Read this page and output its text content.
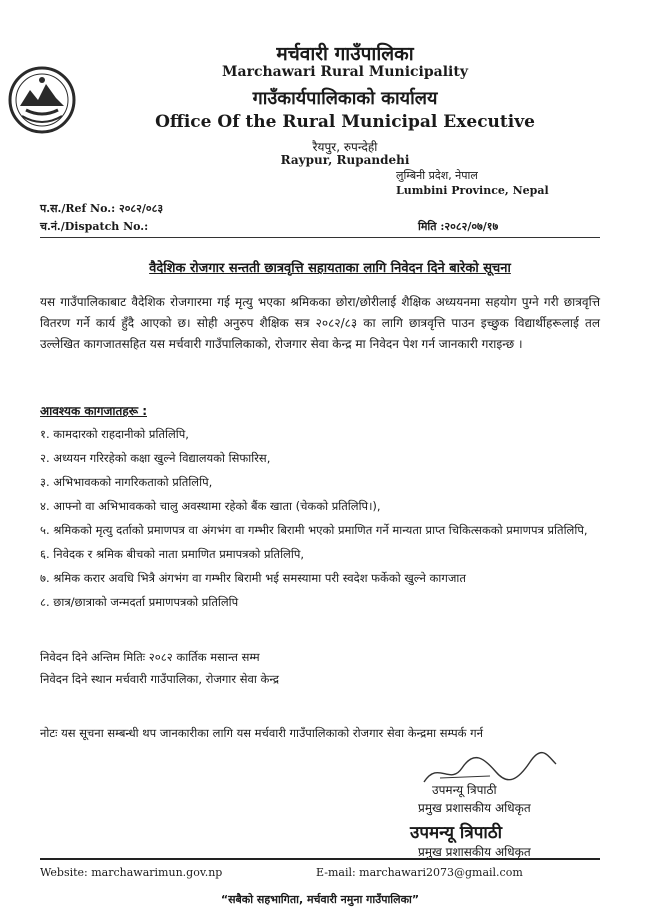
मर्चवारी गाउँपालिका
Marchawari Rural Municipality
गाउँकार्यपालिकाको कार्यालय
Office Of the Rural Municipal Executive
रैयपुर, रुपन्देही
Raypur, Rupandehi
लुम्बिनी प्रदेश, नेपाल
Lumbini Province, Nepal
प.स./Ref No.: २०८२/०८३
च.नं./Dispatch No.:	मिति :२०८२/०७/१७
वैदेशिक रोजगार सन्तती छात्रवृत्ति सहायताका लागि निवेदन दिने बारेको सूचना
यस गाउँपालिकाबाट वैदेशिक रोजगारमा गई मृत्यु भएका श्रमिकका छोरा/छोरीलाई शैक्षिक अध्ययनमा सहयोग पुग्ने गरी छात्रवृत्ति वितरण गर्ने कार्य हुँदै आएको छ। सोही अनुरुप शैक्षिक सत्र २०८२/८३ का लागि छात्रवृत्ति पाउन इच्छुक विद्यार्थीहरूलाई तल उल्लेखित कागजातसहित यस मर्चवारी गाउँपालिकाको, रोजगार सेवा केन्द्र मा निवेदन पेश गर्न जानकारी गराइन्छ ।
आवश्यक कागजातहरू :
१. कामदारको राहदानीको प्रतिलिपि,
२. अध्ययन गरिरहेको कक्षा खुल्ने विद्यालयको सिफारिस,
३. अभिभावकको नागरिकताको प्रतिलिपि,
४. आफ्नो वा अभिभावकको चालु अवस्थामा रहेको बैंक खाता (चेकको प्रतिलिपि।),
५. श्रमिकको मृत्यु दर्ताको प्रमाणपत्र वा अंगभंग वा गम्भीर बिरामी भएको प्रमाणित गर्ने मान्यता प्राप्त चिकित्सकको प्रमाणपत्र प्रतिलिपि,
६. निवेदक र श्रमिक बीचको नाता प्रमाणित प्रमापत्रको प्रतिलिपि,
७. श्रमिक करार अवधि भित्रै अंगभंग वा गम्भीर बिरामी भई समस्यामा परी स्वदेश फर्केको खुल्ने कागजात
८. छात्र/छात्राको जन्मदर्ता प्रमाणपत्रको प्रतिलिपि
निवेदन दिने अन्तिम मितिः २०८२ कार्तिक मसान्त सम्म
निवेदन दिने स्थान मर्चवारी गाउँपालिका, रोजगार सेवा केन्द्र
नोटः यस सूचना सम्बन्धी थप जानकारीका लागि यस मर्चवारी गाउँपालिकाको रोजगार सेवा केन्द्रमा सम्पर्क गर्न
उपमन्यू त्रिपाठी
प्रमुख प्रशासकीय अधिकृत
उपमन्यू त्रिपाठी
प्रमुख प्रशासकीय अधिकृत
Website: marchawarimun.gov.np	E-mail: marchawari2073@gmail.com
“सबैको सहभागिता, मर्चवारी नमुना गाउँपालिका”
